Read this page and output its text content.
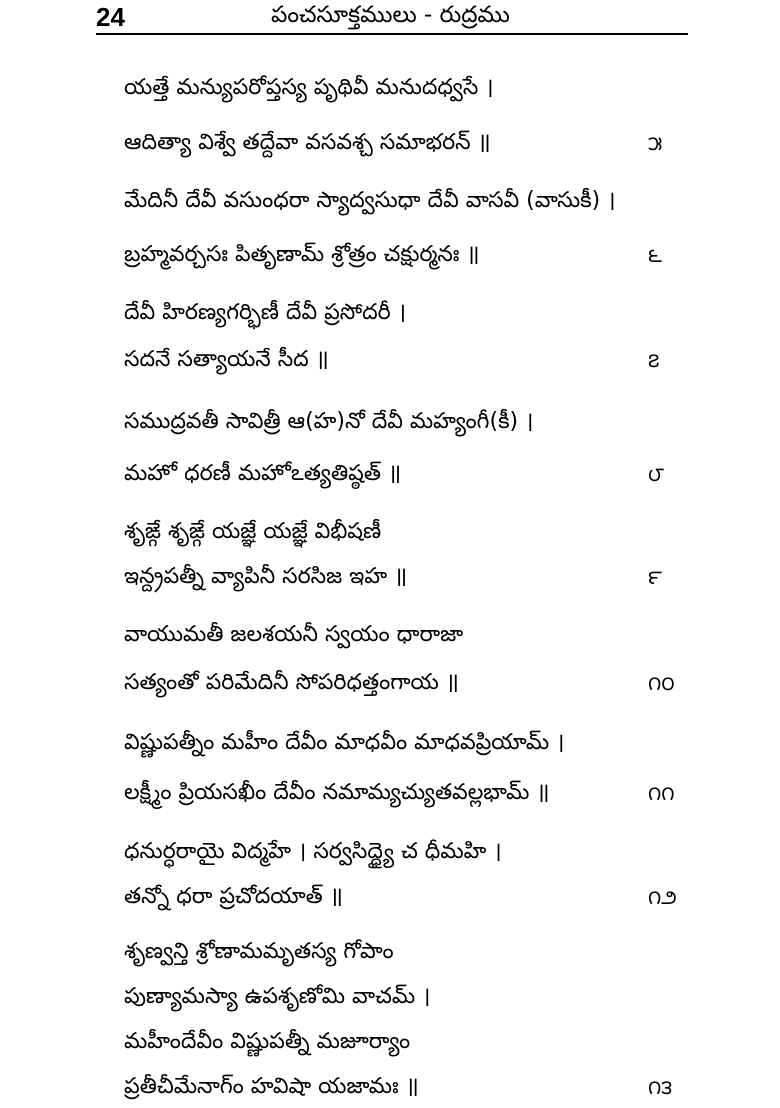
24	పంచసూక్తములు - రుద్రము
యత్తే మన్యుపరోప్తస్య పృథివీ మనుదధ్వసే ।
ఆదిత్యా విశ్వే తద్దేవా వసవశ్చ సమాభరన్ ॥	౫
మేదినీ దేవీ వసుంధరా స్యాద్వసుధా దేవీ వాసవీ (వాసుకీ) ।
బ్రహ్మవర్చసః పితృణామ్ శ్రోత్రం చక్షుర్మనః ॥	౬
దేవీ హిరణ్యగర్భిణీ దేవీ ప్రసోదరీ ।
సదనే సత్యాయనే సీద ॥	౭
సముద్రవతీ సావిత్రీ ఆ(హ)నో దేవీ మహ్యంగీ(కీ) ।
మహో ధరణీ మహోఽత్యతిష్ఠత్ ॥	౮
శృఙ్గే శృఙ్గే యజ్ఞే యజ్ఞే విభీషణీ
ఇన్ద్రపత్నీ వ్యాపినీ సరసిజ ఇహ ॥	౯
వాయుమతీ జలశయనీ స్వయం ధారాజా
సత్యంతో పరిమేదినీ సోపరిధత్తంగాయ ॥	౧౦
విష్ణుపత్నీం మహీం దేవీం మాధవీం మాధవప్రియామ్ ।
లక్ష్మీం ప్రియసఖీం దేవీం నమామ్యచ్యుతవల్లభామ్ ॥	౧౧
ధనుర్ధరాయై విద్మహే । సర్వసిద్ధ్యై చ ధీమహి ।
తన్నో ధరా ప్రచోదయాత్ ॥	౧౨
శృణ్వన్తి శ్రోణామమృతస్య గోపాం
పుణ్యామస్యా ఉపశృణోమి వాచమ్ ।
మహీందేవీం విష్ణుపత్నీ మజూర్యాం
ప్రతీచీమేనాగ్ం హవిషా యజామః ॥	౧౩
